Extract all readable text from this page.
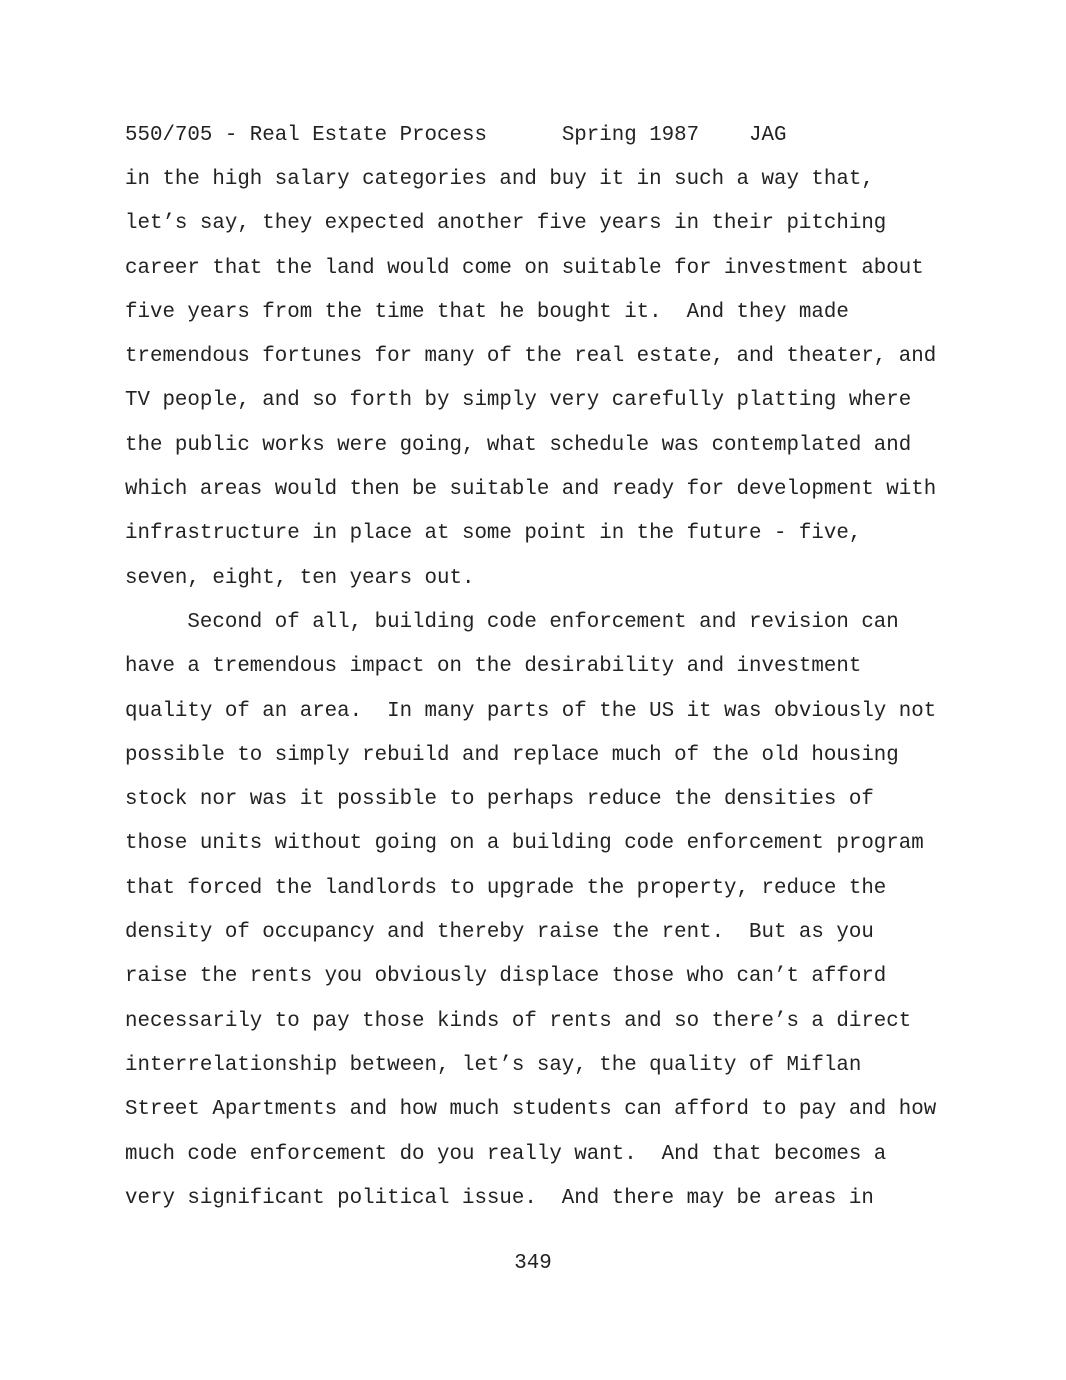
550/705 - Real Estate Process	Spring 1987 JAG
in the high salary categories and buy it in such a way that,
let’s say, they expected another five years in their pitching
career that the land would come on suitable for investment about
five years from the time that he bought it.  And they made
tremendous fortunes for many of the real estate, and theater, and
TV people, and so forth by simply very carefully platting where
the public works were going, what schedule was contemplated and
which areas would then be suitable and ready for development with
infrastructure in place at some point in the future - five,
seven, eight, ten years out.
Second of all, building code enforcement and revision can
have a tremendous impact on the desirability and investment
quality of an area.  In many parts of the US it was obviously not
possible to simply rebuild and replace much of the old housing
stock nor was it possible to perhaps reduce the densities of
those units without going on a building code enforcement program
that forced the landlords to upgrade the property, reduce the
density of occupancy and thereby raise the rent.  But as you
raise the rents you obviously displace those who can’t afford
necessarily to pay those kinds of rents and so there’s a direct
interrelationship between, let’s say, the quality of Miflan
Street Apartments and how much students can afford to pay and how
much code enforcement do you really want.  And that becomes a
very significant political issue.  And there may be areas in
349
